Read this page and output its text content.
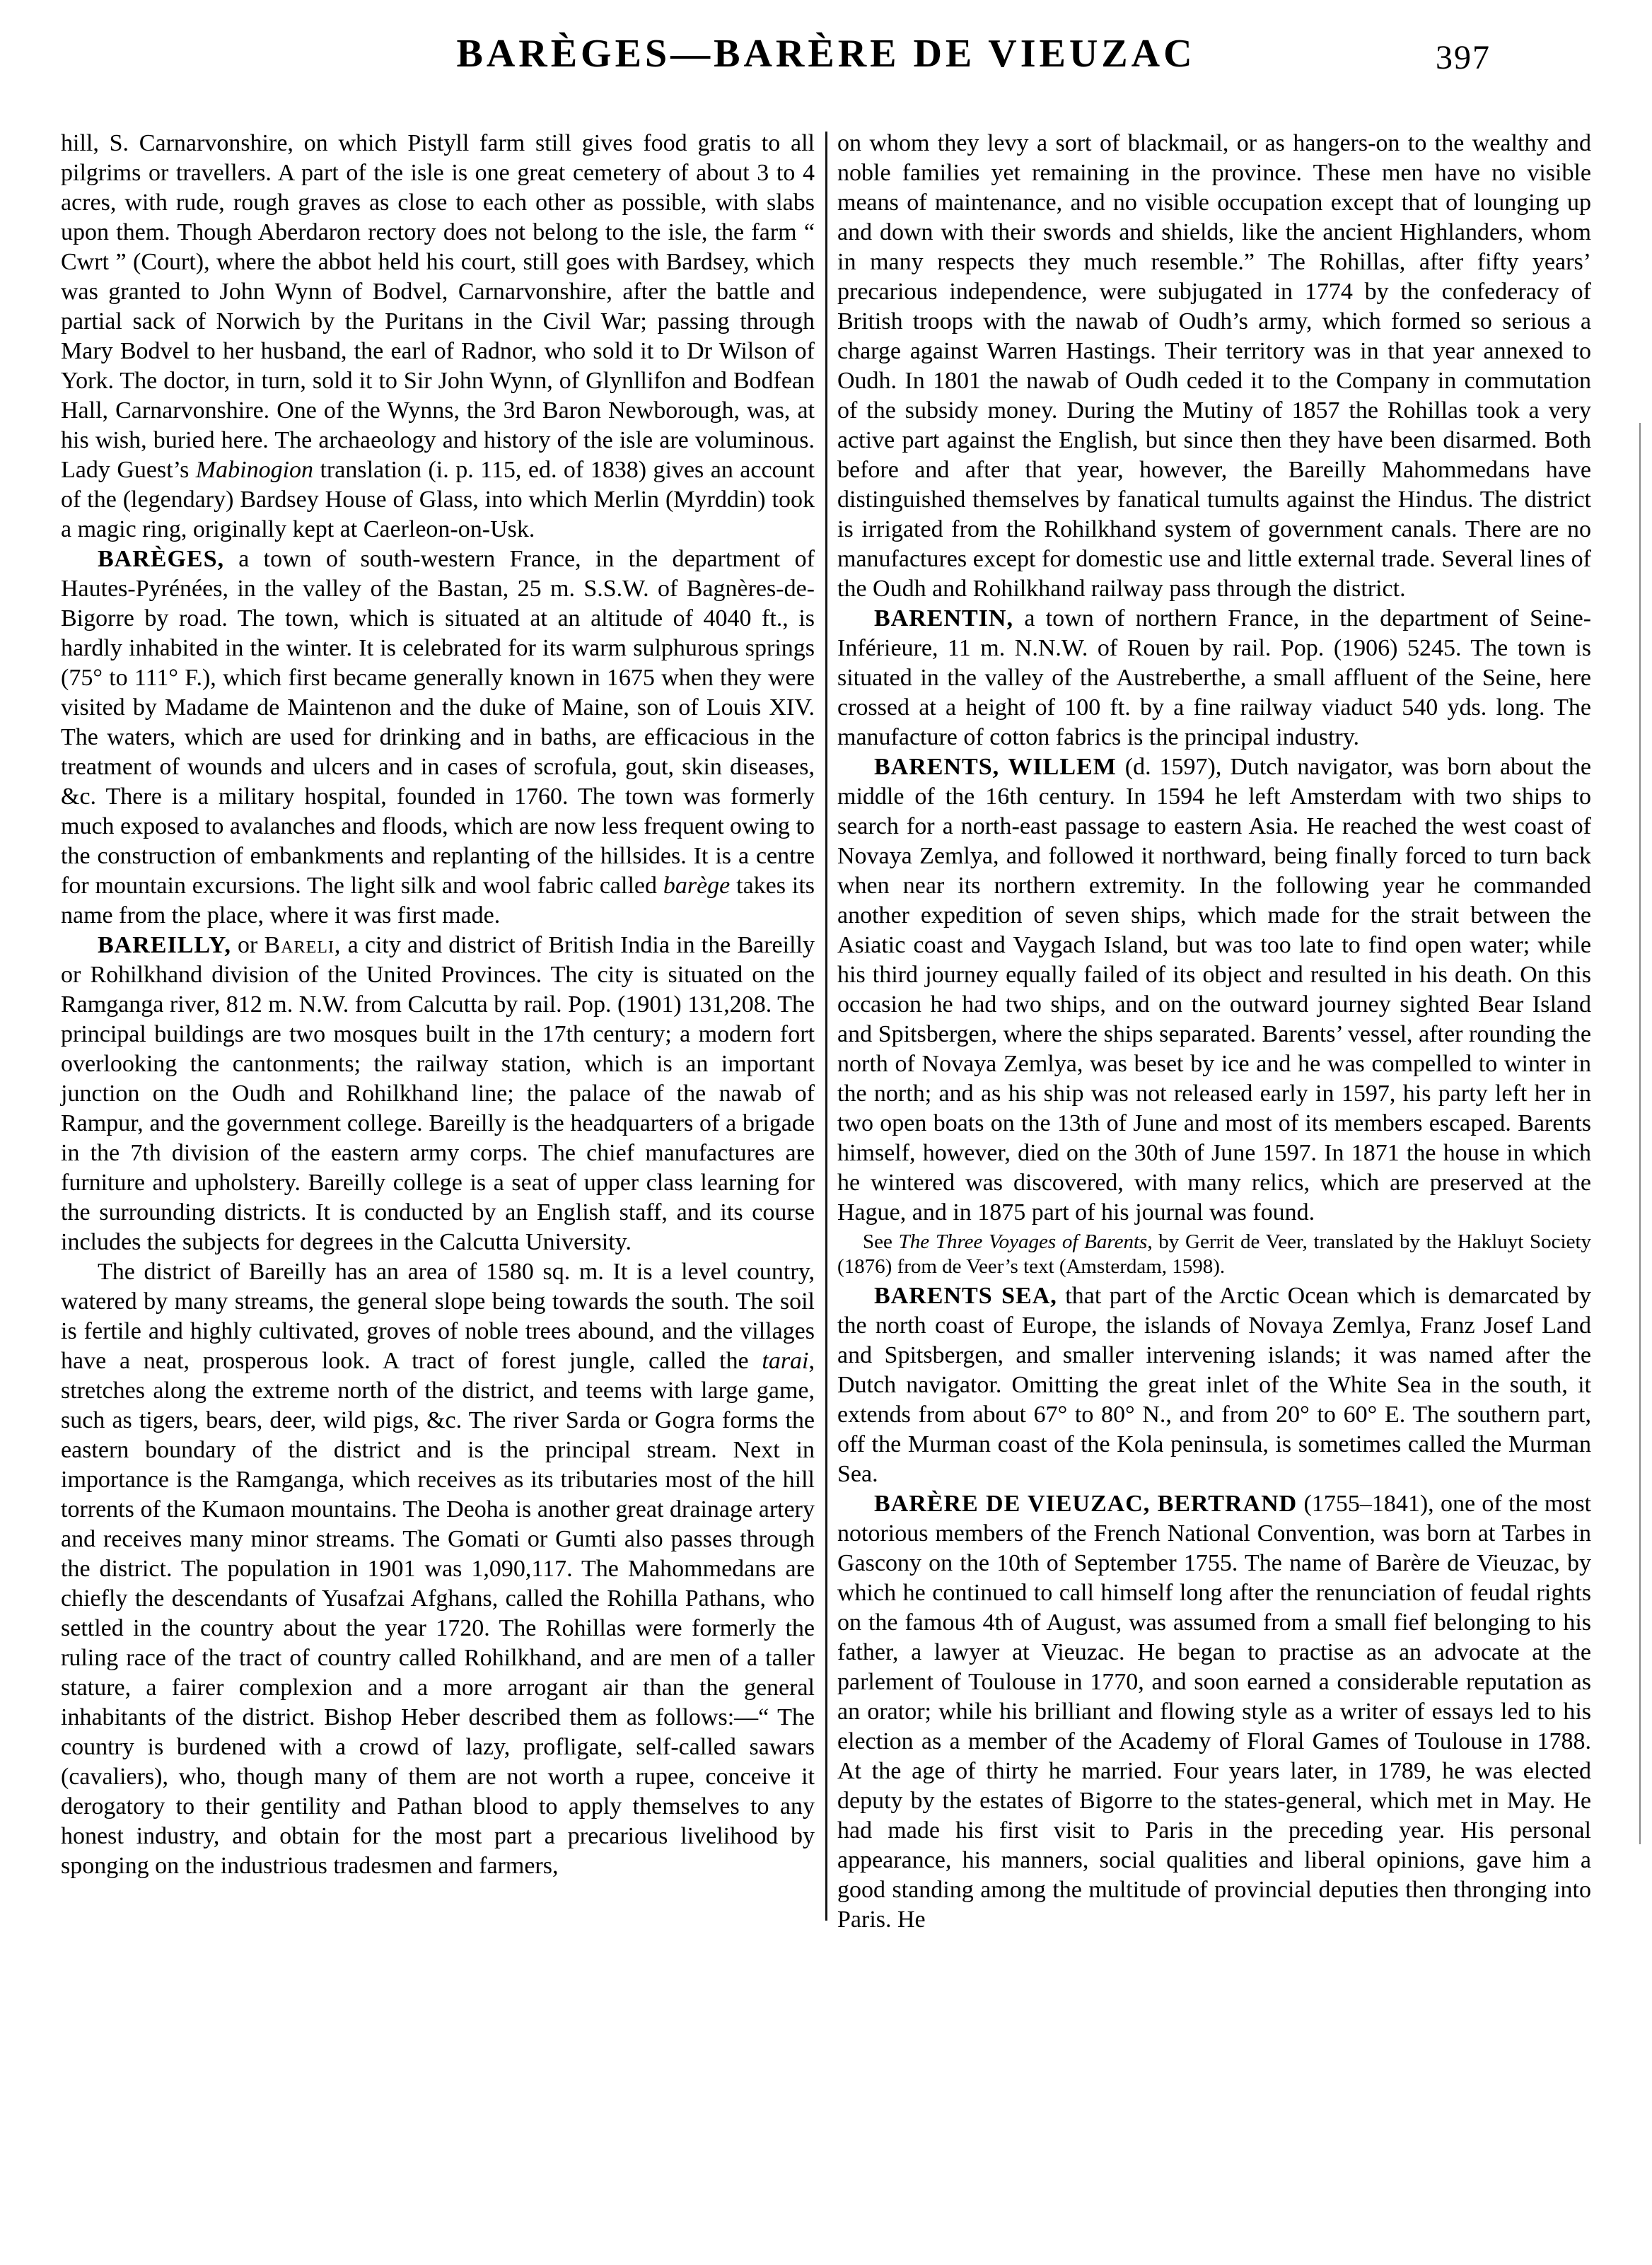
BARÈGES—BARÈRE DE VIEUZAC	397

hill, S. Carnarvonshire, on which Pistyll farm still gives food gratis to all pilgrims or travellers. A part of the isle is one great cemetery of about 3 to 4 acres, with rude, rough graves as close to each other as possible, with slabs upon them. Though Aberdaron rectory does not belong to the isle, the farm “ Cwrt ” (Court), where the abbot held his court, still goes with Bardsey, which was granted to John Wynn of Bodvel, Carnarvonshire, after the battle and partial sack of Norwich by the Puritans in the Civil War; passing through Mary Bodvel to her husband, the earl of Radnor, who sold it to Dr Wilson of York. The doctor, in turn, sold it to Sir John Wynn, of Glynllifon and Bodfean Hall, Carnarvonshire. One of the Wynns, the 3rd Baron Newborough, was, at his wish, buried here. The archaeology and history of the isle are voluminous. Lady Guest’s Mabinogion translation (i. p. 115, ed. of 1838) gives an account of the (legendary) Bardsey House of Glass, into which Merlin (Myrddin) took a magic ring, originally kept at Caerleon-on-Usk.

BARÈGES, a town of south-western France, in the department of Hautes-Pyrénées, in the valley of the Bastan, 25 m. S.S.W. of Bagnères-de-Bigorre by road. The town, which is situated at an altitude of 4040 ft., is hardly inhabited in the winter. It is celebrated for its warm sulphurous springs (75° to 111° F.), which first became generally known in 1675 when they were visited by Madame de Maintenon and the duke of Maine, son of Louis XIV. The waters, which are used for drinking and in baths, are efficacious in the treatment of wounds and ulcers and in cases of scrofula, gout, skin diseases, &c. There is a military hospital, founded in 1760. The town was formerly much exposed to avalanches and floods, which are now less frequent owing to the construction of embankments and replanting of the hillsides. It is a centre for mountain excursions. The light silk and wool fabric called barège takes its name from the place, where it was first made.

BAREILLY, or Bareli, a city and district of British India in the Bareilly or Rohilkhand division of the United Provinces. The city is situated on the Ramganga river, 812 m. N.W. from Calcutta by rail. Pop. (1901) 131,208. The principal buildings are two mosques built in the 17th century; a modern fort overlooking the cantonments; the railway station, which is an important junction on the Oudh and Rohilkhand line; the palace of the nawab of Rampur, and the government college. Bareilly is the headquarters of a brigade in the 7th division of the eastern army corps. The chief manufactures are furniture and upholstery. Bareilly college is a seat of upper class learning for the surrounding districts. It is conducted by an English staff, and its course includes the subjects for degrees in the Calcutta University.

The district of Bareilly has an area of 1580 sq. m. It is a level country, watered by many streams, the general slope being towards the south. The soil is fertile and highly cultivated, groves of noble trees abound, and the villages have a neat, prosperous look. A tract of forest jungle, called the tarai, stretches along the extreme north of the district, and teems with large game, such as tigers, bears, deer, wild pigs, &c. The river Sarda or Gogra forms the eastern boundary of the district and is the principal stream. Next in importance is the Ramganga, which receives as its tributaries most of the hill torrents of the Kumaon mountains. The Deoha is another great drainage artery and receives many minor streams. The Gomati or Gumti also passes through the district. The population in 1901 was 1,090,117. The Mahommedans are chiefly the descendants of Yusafzai Afghans, called the Rohilla Pathans, who settled in the country about the year 1720. The Rohillas were formerly the ruling race of the tract of country called Rohilkhand, and are men of a taller stature, a fairer complexion and a more arrogant air than the general inhabitants of the district. Bishop Heber described them as follows:—“ The country is burdened with a crowd of lazy, profligate, self-called sawars (cavaliers), who, though many of them are not worth a rupee, conceive it derogatory to their gentility and Pathan blood to apply themselves to any honest industry, and obtain for the most part a precarious livelihood by sponging on the industrious tradesmen and farmers,

on whom they levy a sort of blackmail, or as hangers-on to the wealthy and noble families yet remaining in the province. These men have no visible means of maintenance, and no visible occupation except that of lounging up and down with their swords and shields, like the ancient Highlanders, whom in many respects they much resemble.” The Rohillas, after fifty years’ precarious independence, were subjugated in 1774 by the confederacy of British troops with the nawab of Oudh’s army, which formed so serious a charge against Warren Hastings. Their territory was in that year annexed to Oudh. In 1801 the nawab of Oudh ceded it to the Company in commutation of the subsidy money. During the Mutiny of 1857 the Rohillas took a very active part against the English, but since then they have been disarmed. Both before and after that year, however, the Bareilly Mahommedans have distinguished themselves by fanatical tumults against the Hindus. The district is irrigated from the Rohilkhand system of government canals. There are no manufactures except for domestic use and little external trade. Several lines of the Oudh and Rohilkhand railway pass through the district.

BARENTIN, a town of northern France, in the department of Seine-Inférieure, 11 m. N.N.W. of Rouen by rail. Pop. (1906) 5245. The town is situated in the valley of the Austreberthe, a small affluent of the Seine, here crossed at a height of 100 ft. by a fine railway viaduct 540 yds. long. The manufacture of cotton fabrics is the principal industry.

BARENTS, WILLEM (d. 1597), Dutch navigator, was born about the middle of the 16th century. In 1594 he left Amsterdam with two ships to search for a north-east passage to eastern Asia. He reached the west coast of Novaya Zemlya, and followed it northward, being finally forced to turn back when near its northern extremity. In the following year he commanded another expedition of seven ships, which made for the strait between the Asiatic coast and Vaygach Island, but was too late to find open water; while his third journey equally failed of its object and resulted in his death. On this occasion he had two ships, and on the outward journey sighted Bear Island and Spitsbergen, where the ships separated. Barents’ vessel, after rounding the north of Novaya Zemlya, was beset by ice and he was compelled to winter in the north; and as his ship was not released early in 1597, his party left her in two open boats on the 13th of June and most of its members escaped. Barents himself, however, died on the 30th of June 1597. In 1871 the house in which he wintered was discovered, with many relics, which are preserved at the Hague, and in 1875 part of his journal was found.

See The Three Voyages of Barents, by Gerrit de Veer, translated by the Hakluyt Society (1876) from de Veer’s text (Amsterdam, 1598).

BARENTS SEA, that part of the Arctic Ocean which is demarcated by the north coast of Europe, the islands of Novaya Zemlya, Franz Josef Land and Spitsbergen, and smaller intervening islands; it was named after the Dutch navigator. Omitting the great inlet of the White Sea in the south, it extends from about 67° to 80° N., and from 20° to 60° E. The southern part, off the Murman coast of the Kola peninsula, is sometimes called the Murman Sea.

BARÈRE DE VIEUZAC, BERTRAND (1755–1841), one of the most notorious members of the French National Convention, was born at Tarbes in Gascony on the 10th of September 1755. The name of Barère de Vieuzac, by which he continued to call himself long after the renunciation of feudal rights on the famous 4th of August, was assumed from a small fief belonging to his father, a lawyer at Vieuzac. He began to practise as an advocate at the parlement of Toulouse in 1770, and soon earned a considerable reputation as an orator; while his brilliant and flowing style as a writer of essays led to his election as a member of the Academy of Floral Games of Toulouse in 1788. At the age of thirty he married. Four years later, in 1789, he was elected deputy by the estates of Bigorre to the states-general, which met in May. He had made his first visit to Paris in the preceding year. His personal appearance, his manners, social qualities and liberal opinions, gave him a good standing among the multitude of provincial deputies then thronging into Paris. He
